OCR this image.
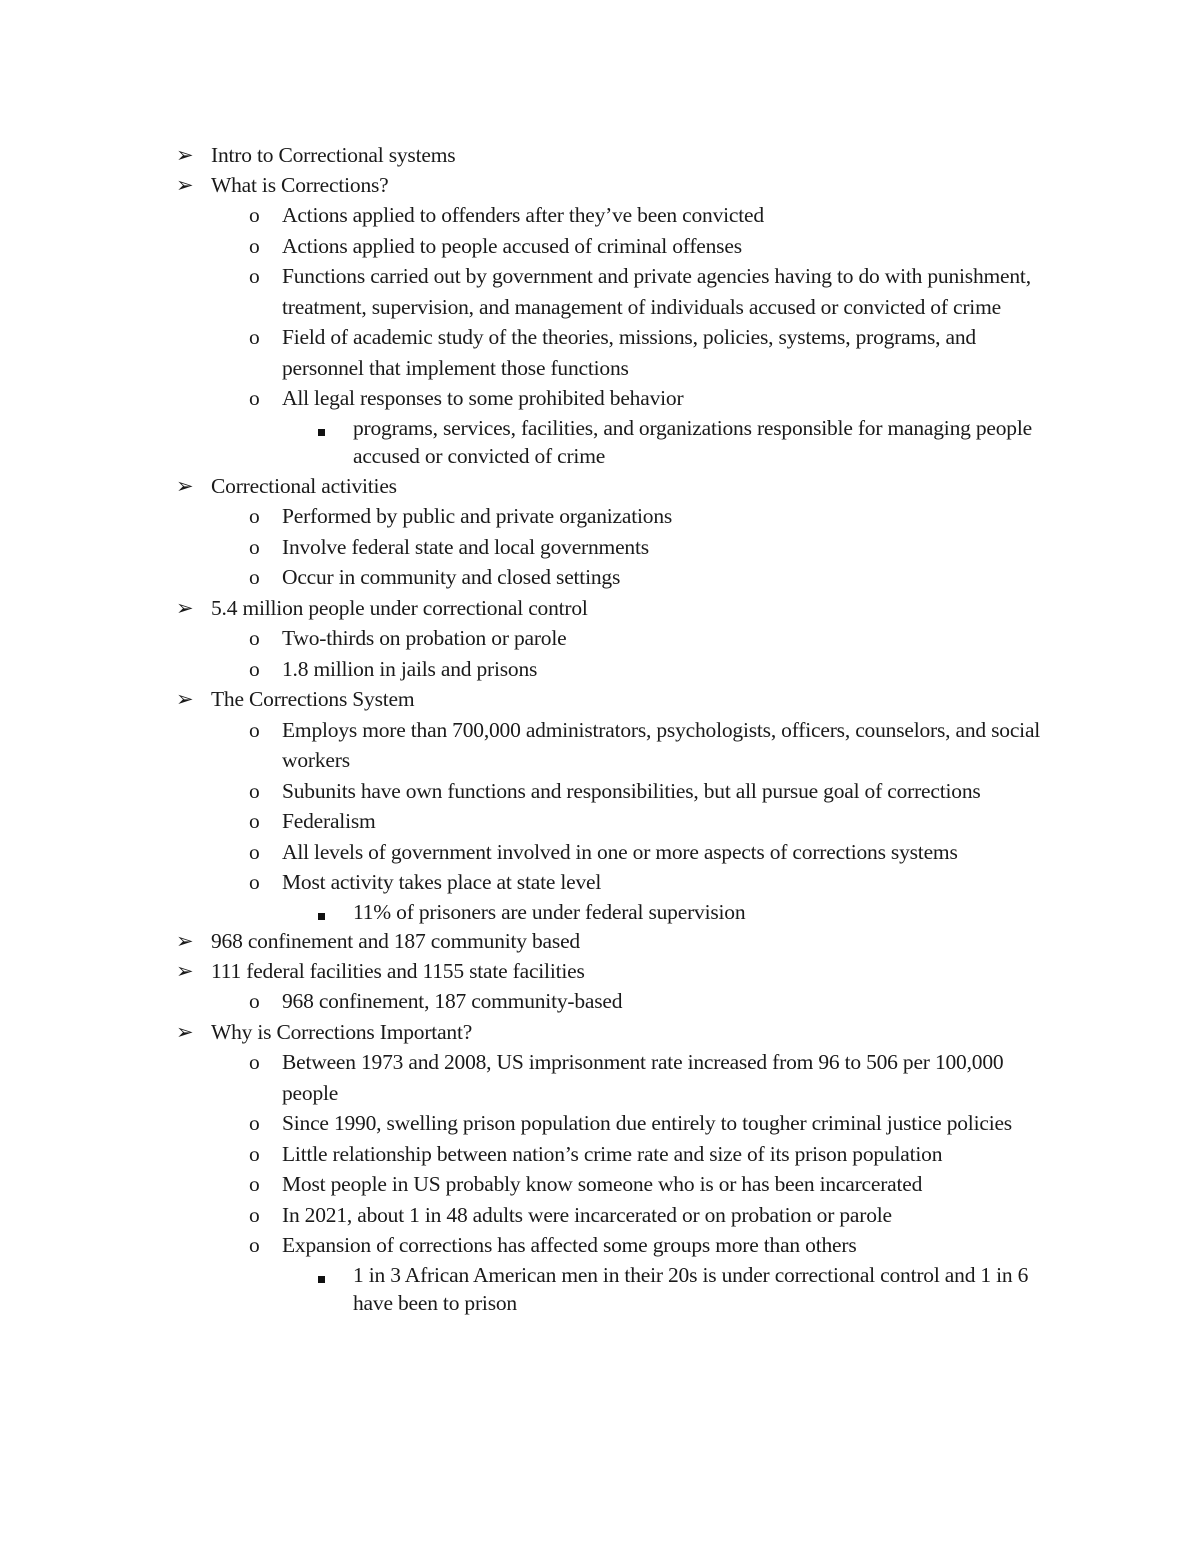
➢ Intro to Correctional systems
➢ What is Corrections?
o	Actions applied to offenders after they’ve been convicted
o	Actions applied to people accused of criminal offenses
o	Functions carried out by government and private agencies having to do with punishment, treatment, supervision, and management of individuals accused or convicted of crime
o	Field of academic study of the theories, missions, policies, systems, programs, and personnel that implement those functions
o	All legal responses to some prohibited behavior
programs, services, facilities, and organizations responsible for managing people accused or convicted of crime
➢ Correctional activities
o	Performed by public and private organizations
o	Involve federal state and local governments
o	Occur in community and closed settings
➢ 5.4 million people under correctional control
o	Two-thirds on probation or parole
o	1.8 million in jails and prisons
➢ The Corrections System
o	Employs more than 700,000 administrators, psychologists, officers, counselors, and social workers
o	Subunits have own functions and responsibilities, but all pursue goal of corrections
o	Federalism
o	All levels of government involved in one or more aspects of corrections systems
o	Most activity takes place at state level
11% of prisoners are under federal supervision
➢ 968 confinement and 187 community based
➢ 111 federal facilities and 1155 state facilities
o	968 confinement, 187 community-based
➢ Why is Corrections Important?
o	Between 1973 and 2008, US imprisonment rate increased from 96 to 506 per 100,000 people
o	Since 1990, swelling prison population due entirely to tougher criminal justice policies
o	Little relationship between nation’s crime rate and size of its prison population
o	Most people in US probably know someone who is or has been incarcerated
o	In 2021, about 1 in 48 adults were incarcerated or on probation or parole
o	Expansion of corrections has affected some groups more than others
1 in 3 African American men in their 20s is under correctional control and 1 in 6 have been to prison
